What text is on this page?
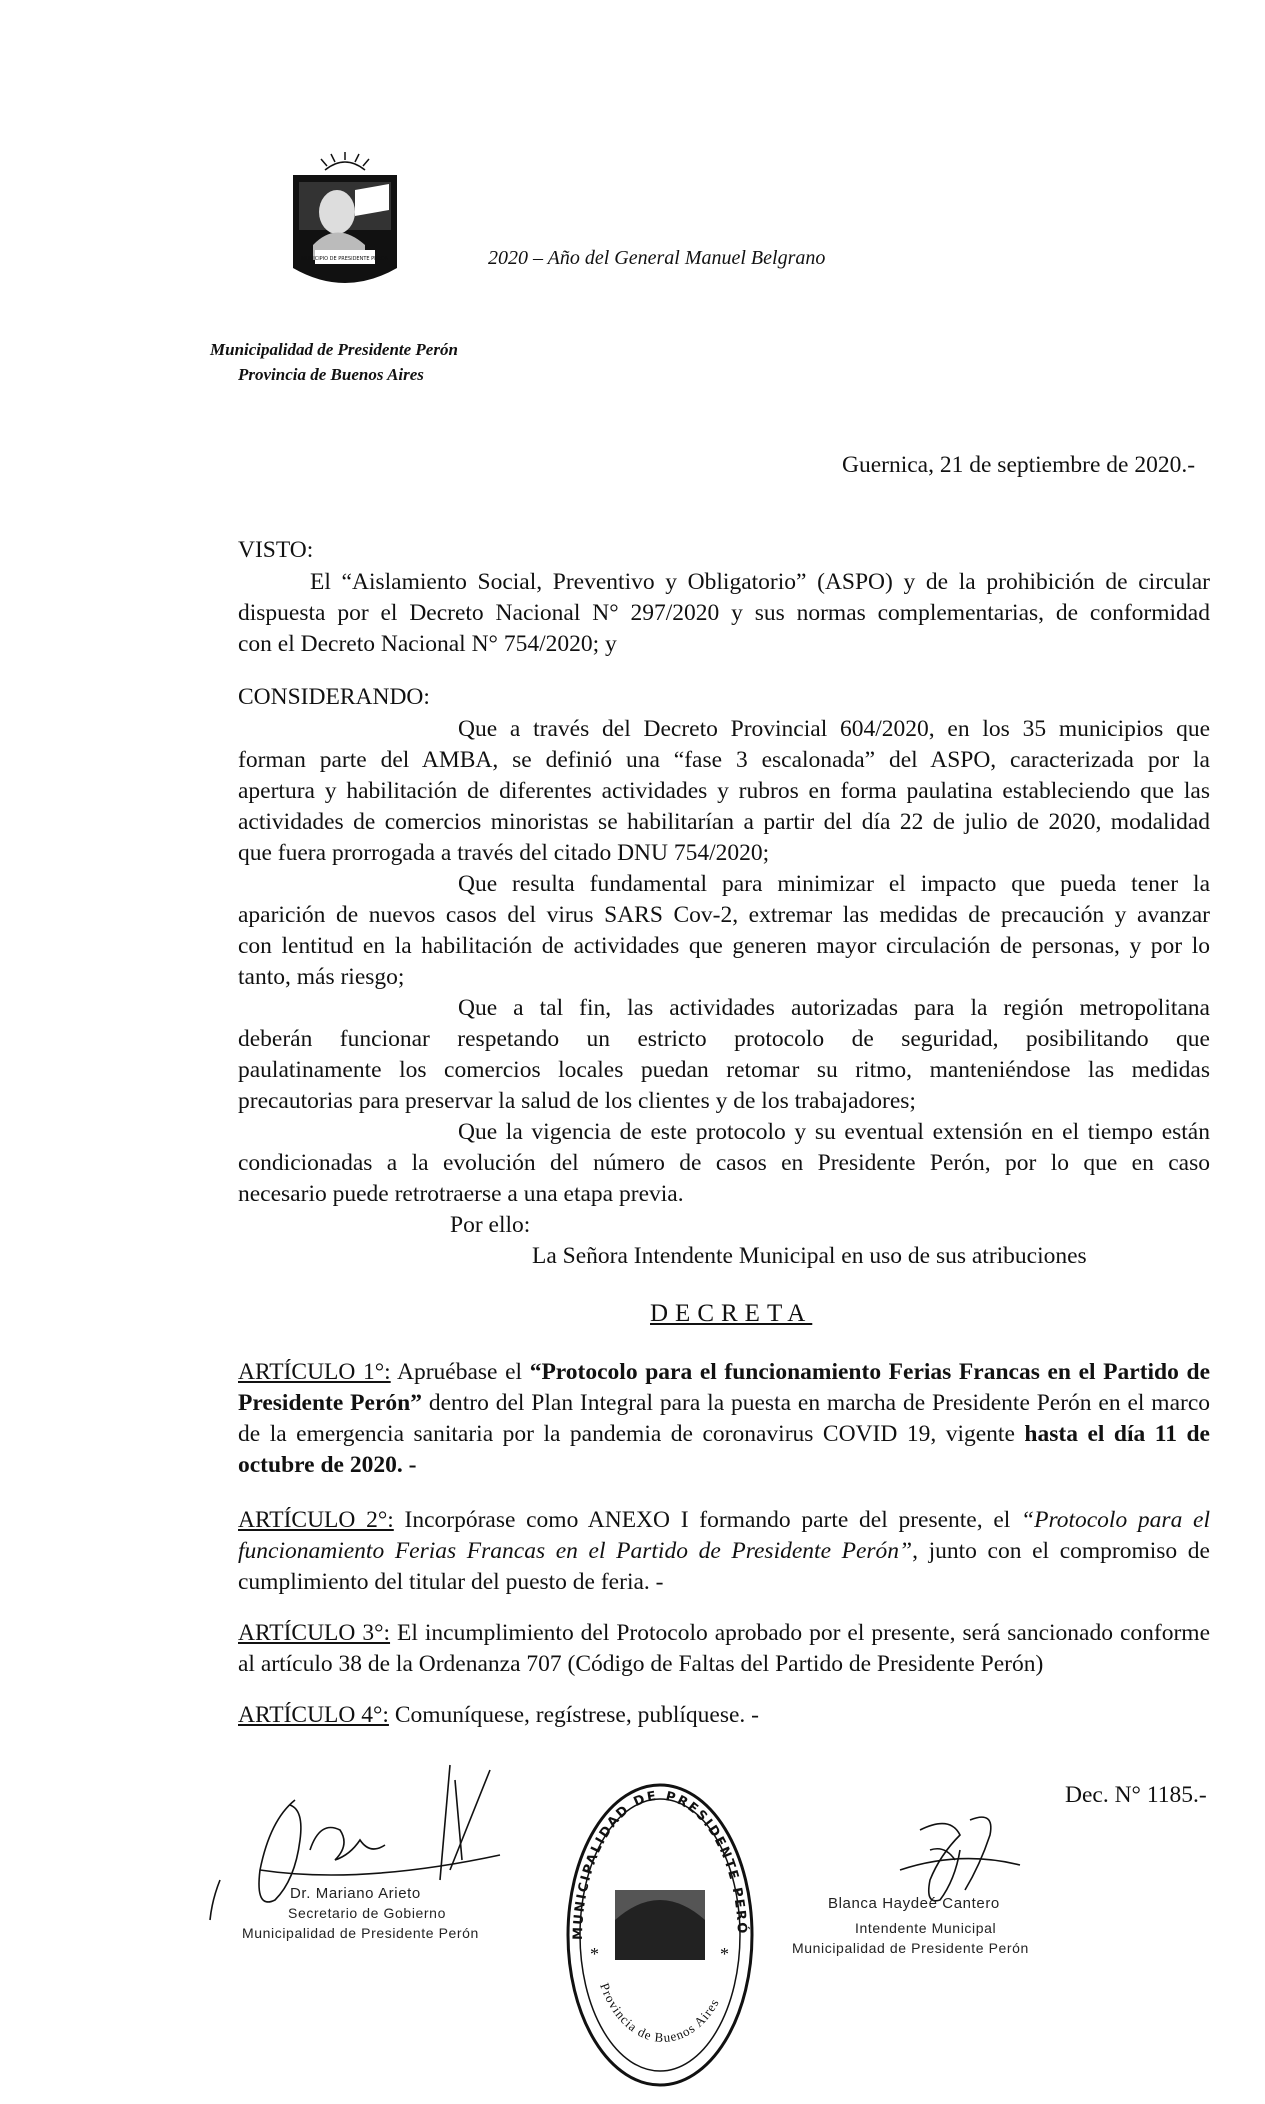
MUNICIPIO DE PRESIDENTE PERON	2020 – Año del General Manuel Belgrano
Municipalidad de Presidente Perón
Provincia de Buenos Aires
Guernica, 21 de septiembre de 2020.-
VISTO:
El “Aislamiento Social, Preventivo y Obligatorio” (ASPO) y de la prohibición de circular
dispuesta por el Decreto Nacional N° 297/2020 y sus normas complementarias, de conformidad
con el Decreto Nacional N° 754/2020; y
CONSIDERANDO:
Que a través del Decreto Provincial 604/2020, en los 35 municipios que
forman parte del AMBA, se definió una “fase 3 escalonada” del ASPO, caracterizada por la
apertura y habilitación de diferentes actividades y rubros en forma paulatina estableciendo que las
actividades de comercios minoristas se habilitarían a partir del día 22 de julio de 2020, modalidad
que fuera prorrogada a través del citado DNU 754/2020;
Que resulta fundamental para minimizar el impacto que pueda tener la
aparición de nuevos casos del virus SARS Cov-2, extremar las medidas de precaución y avanzar
con lentitud en la habilitación de actividades que generen mayor circulación de personas, y por lo
tanto, más riesgo;
Que a tal fin, las actividades autorizadas para la región metropolitana
deberán funcionar respetando un estricto protocolo de seguridad, posibilitando que
paulatinamente los comercios locales puedan retomar su ritmo, manteniéndose las medidas
precautorias para preservar la salud de los clientes y de los trabajadores;
Que la vigencia de este protocolo y su eventual extensión en el tiempo están
condicionadas a la evolución del número de casos en Presidente Perón, por lo que en caso
necesario puede retrotraerse a una etapa previa.
Por ello:
La Señora Intendente Municipal en uso de sus atribuciones
DECRETA
ARTÍCULO 1°: Apruébase el “Protocolo para el funcionamiento Ferias Francas en el Partido de Presidente Perón” dentro del Plan Integral para la puesta en marcha de Presidente Perón en el marco de la emergencia sanitaria por la pandemia de coronavirus COVID 19, vigente hasta el día 11 de octubre de 2020. -
ARTÍCULO 2°: Incorpórase como ANEXO I formando parte del presente, el “Protocolo para el funcionamiento Ferias Francas en el Partido de Presidente Perón”, junto con el compromiso de cumplimiento del titular del puesto de feria. -
ARTÍCULO 3°: El incumplimiento del Protocolo aprobado por el presente, será sancionado conforme al artículo 38 de la Ordenanza 707 (Código de Faltas del Partido de Presidente Perón)
ARTÍCULO 4°: Comuníquese, regístrese, publíquese. -
Dec. N° 1185.-
Dr. Mariano Arieto
Secretario de Gobierno
Municipalidad de Presidente Perón	MUNICIPALIDAD DE PRESIDENTE PERÓ
Provincia de Buenos Aires
*	*
Blanca Haydeé Cantero
Intendente Municipal
Municipalidad de Presidente Perón
